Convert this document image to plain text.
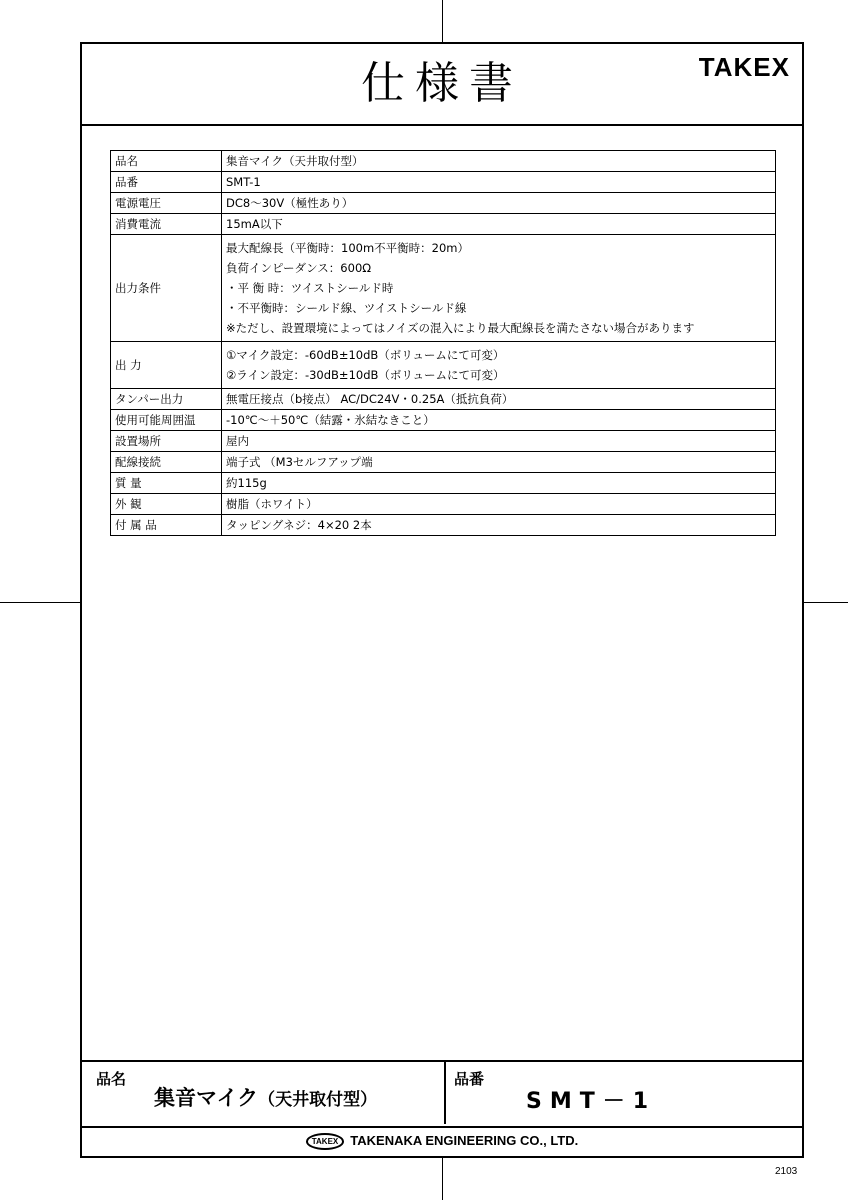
仕様書	TAKEX
品名	集音マイク（天井取付型）
品番	SMT-1
電源電圧	DC8～30V（極性あり）
消費電流	15mA以下
出力条件	最大配線長（平衡時：100m不平衡時：20m）
負荷インピーダンス：600Ω
・平 衡 時：ツイストシールド時
・不平衡時：シールド線、ツイストシールド線
※ただし、設置環境によってはノイズの混入により最大配線長を満たさない場合があります

出 力	①マイク設定：-60dB±10dB（ボリュームにて可変）
②ライン設定：-30dB±10dB（ボリュームにて可変）

タンパー出力	無電圧接点（b接点） AC/DC24V・0.25A（抵抗負荷）
使用可能周囲温	-10℃～＋50℃（結露・氷結なきこと）
設置場所	屋内
配線接続	端子式 （M3セルフアップ端
質 量	約115g
外 観	樹脂（ホワイト）
付 属 品	タッピングネジ：4×20 2本
品名
集音マイク（天井取付型）
品番
SMT－1
TAKEX TAKENAKA ENGINEERING CO., LTD.
2103
